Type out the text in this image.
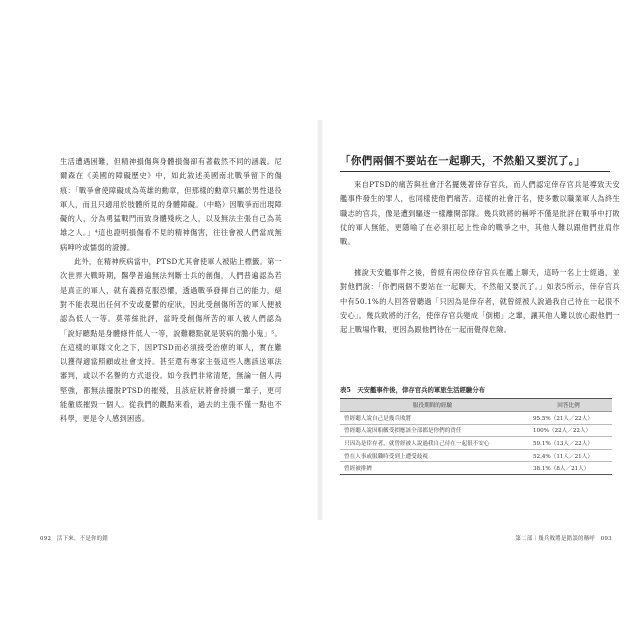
生活遭遇困難，但精神損傷與身體損傷卻有著截然不同的涵義。尼爾森在《美國的障礙歷史》中，如此敘述美國南北戰爭留下的傷痕：「戰爭會使障礙成為英雄的勳章，但那樣的勳章只屬於男性退役軍人，而且只適用於肢體所見的身體障礙。（中略）因戰爭而出現障礙的人，分為勇猛戰鬥而致身體殘疾之人，以及無法主張自己為英雄之人。」⁴這也證明損傷看不見的精神傷害，往往會被人們當成無病呻吟或懦弱的證據。

此外，在精神疾病當中，PTSD尤其會使軍人被貼上標籤。第一次世界大戰時期，醫學普遍無法判斷士兵的創傷，人們普遍認為若是真正的軍人，就有義務克服恐懼，透過戰爭發揮自己的能力，絕對不能表現出任何不安或憂鬱的症狀，因此受創傷所苦的軍人便被認為低人一等。莫蒂絲批評，當時受創傷所苦的軍人被人們認為「說好聽點是身體條件低人一等，說難聽點就是裝病的膽小鬼」⁵。在這樣的軍隊文化之下，因PTSD而必須接受治療的軍人，實在難以獲得適當照顧或社會支持。甚至還有專家主張這些人應該送軍法審判，或以不名譽的方式退役。如今我們非常清楚，無論一個人再堅強，都無法擺脫PTSD的摧殘，且該症狀將會持續一輩子，更可能徹底摧毀一個人。從我們的觀點來看，過去的主張不僅一點也不科學，更是令人感到困惑。

092　活下來，不是你的錯
「你們兩個不要站在一起聊天，不然船又要沉了。」

來自PTSD的痛苦與社會汙名擺幾著倖存官兵，而人們認定倖存官兵是導致天安艦事件發生的罪人，也同樣使他們痛苦。這樣的社會汙名，使多數以職業軍人為終生職志的官兵，像是遭到驅逐一樣離開部隊。幾兵敗將的稱呼不僅是批評在戰爭中打敗仗的軍人無能，更隱喻了在必須扛起上性命的戰爭之中，其他人難以跟他們並肩作戰。

據說天安艦事件之後，曾經有兩位倖存官兵在艦上聊天，這時一名上士經過，並對他們說：「你們兩個不要站在一起聊天，不然船又要沉了。」如表5所示，倖存官兵中有50.1%的人回答曾聽過「只因為是倖存者，就曾經被人說過我自己待在一起很不安心」。幾兵敗將的汙名，使倖存官兵變成「倒楣」之輩，讓其他人難以放心跟他們一起上戰場作戰，更因為跟他們待在一起而覺得危險。

表5　天安艦事件後，倖存官兵的軍旅生活經驗分布
服役期間的經驗	回答比例
曾經聽人說自己是幾兵敗將	95.5%（21人／22人）
曾經聽人說因船艦受損應該全部都是你們的責任	100%（22人／22人）
只因為是倖存者，就曾經被人說過我自己待在一起很不安心	59.1%（13人／22人）
曾在人事或服職時受到上遭受歧視	52.4%（11人／21人）
曾經被排擠	38.1%（8人／21人）
第二部｜幾兵敗將是錯誤的稱呼　093
